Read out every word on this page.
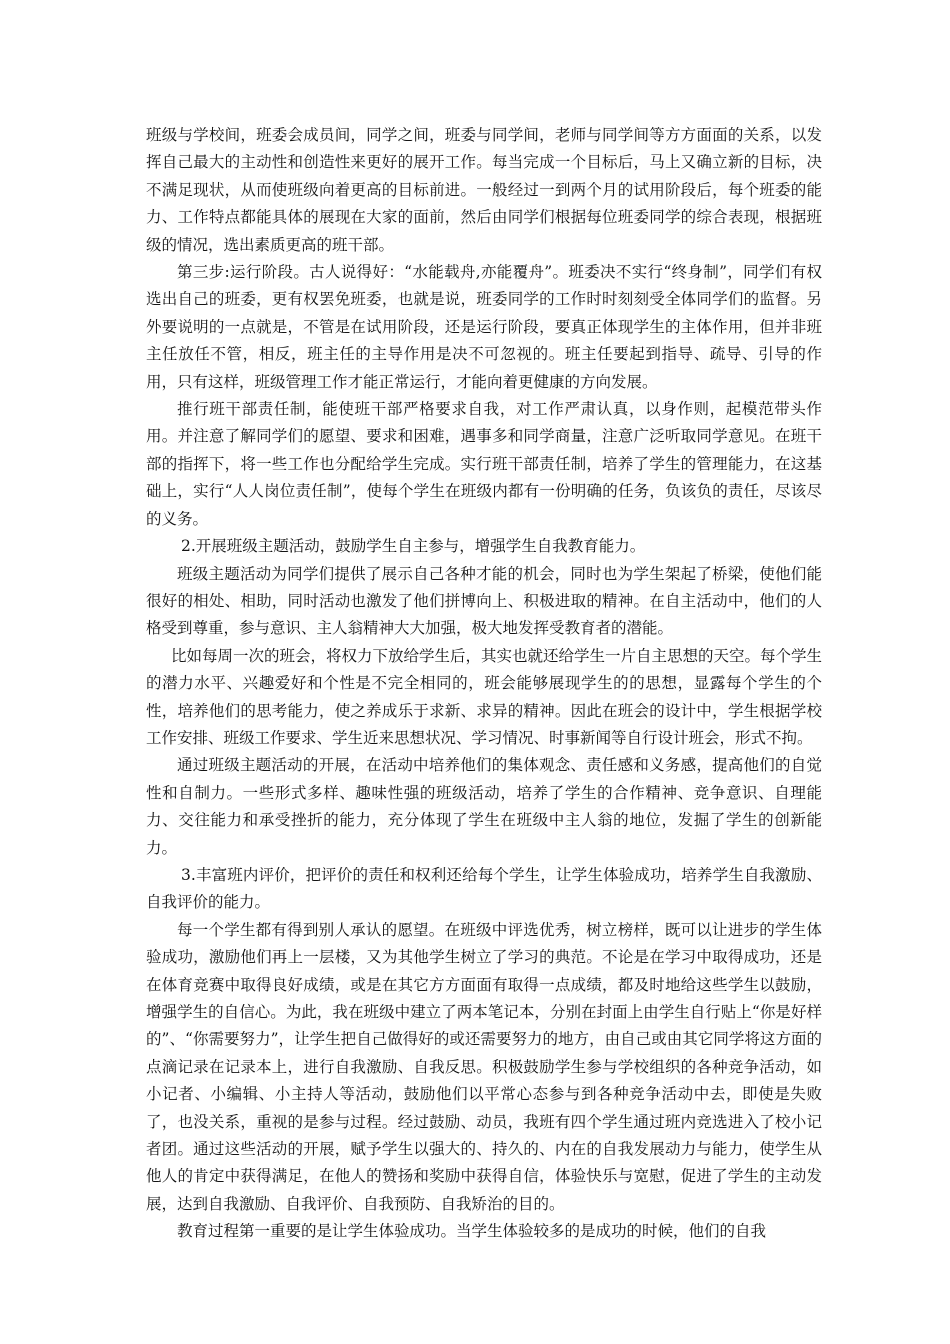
班级与学校间，班委会成员间，同学之间，班委与同学间，老师与同学间等方方面面的关系，以发挥自己最大的主动性和创造性来更好的展开工作。每当完成一个目标后，马上又确立新的目标，决不满足现状，从而使班级向着更高的目标前进。一般经过一到两个月的试用阶段后，每个班委的能力、工作特点都能具体的展现在大家的面前，然后由同学们根据每位班委同学的综合表现，根据班级的情况，选出素质更高的班干部。

第三步:运行阶段。古人说得好：“水能载舟,亦能覆舟”。班委决不实行“终身制”，同学们有权选出自己的班委，更有权罢免班委，也就是说，班委同学的工作时时刻刻受全体同学们的监督。另外要说明的一点就是，不管是在试用阶段，还是运行阶段，要真正体现学生的主体作用，但并非班主任放任不管，相反，班主任的主导作用是决不可忽视的。班主任要起到指导、疏导、引导的作用，只有这样，班级管理工作才能正常运行，才能向着更健康的方向发展。

推行班干部责任制，能使班干部严格要求自我，对工作严肃认真，以身作则，起模范带头作用。并注意了解同学们的愿望、要求和困难，遇事多和同学商量，注意广泛听取同学意见。在班干部的指挥下，将一些工作也分配给学生完成。实行班干部责任制，培养了学生的管理能力，在这基础上，实行“人人岗位责任制”，使每个学生在班级内都有一份明确的任务，负该负的责任，尽该尽的义务。

2.开展班级主题活动，鼓励学生自主参与，增强学生自我教育能力。

班级主题活动为同学们提供了展示自己各种才能的机会，同时也为学生架起了桥梁，使他们能很好的相处、相助，同时活动也激发了他们拼博向上、积极进取的精神。在自主活动中，他们的人格受到尊重，参与意识、主人翁精神大大加强，极大地发挥受教育者的潜能。

比如每周一次的班会，将权力下放给学生后，其实也就还给学生一片自主思想的天空。每个学生的潜力水平、兴趣爱好和个性是不完全相同的，班会能够展现学生的的思想，显露每个学生的个性，培养他们的思考能力，使之养成乐于求新、求异的精神。因此在班会的设计中，学生根据学校工作安排、班级工作要求、学生近来思想状况、学习情况、时事新闻等自行设计班会，形式不拘。

通过班级主题活动的开展，在活动中培养他们的集体观念、责任感和义务感，提高他们的自觉性和自制力。一些形式多样、趣味性强的班级活动，培养了学生的合作精神、竞争意识、自理能力、交往能力和承受挫折的能力，充分体现了学生在班级中主人翁的地位，发掘了学生的创新能力。

3.丰富班内评价，把评价的责任和权利还给每个学生，让学生体验成功，培养学生自我激励、自我评价的能力。

每一个学生都有得到别人承认的愿望。在班级中评选优秀，树立榜样，既可以让进步的学生体验成功，激励他们再上一层楼，又为其他学生树立了学习的典范。不论是在学习中取得成功，还是在体育竞赛中取得良好成绩，或是在其它方方面面有取得一点成绩，都及时地给这些学生以鼓励，增强学生的自信心。为此，我在班级中建立了两本笔记本，分别在封面上由学生自行贴上“你是好样的”、“你需要努力”，让学生把自己做得好的或还需要努力的地方，由自己或由其它同学将这方面的点滴记录在记录本上，进行自我激励、自我反思。积极鼓励学生参与学校组织的各种竞争活动，如小记者、小编辑、小主持人等活动，鼓励他们以平常心态参与到各种竞争活动中去，即使是失败了，也没关系，重视的是参与过程。经过鼓励、动员，我班有四个学生通过班内竞选进入了校小记者团。通过这些活动的开展，赋予学生以强大的、持久的、内在的自我发展动力与能力，使学生从他人的肯定中获得满足，在他人的赞扬和奖励中获得自信，体验快乐与宽慰，促进了学生的主动发展，达到自我激励、自我评价、自我预防、自我矫治的目的。

教育过程第一重要的是让学生体验成功。当学生体验较多的是成功的时候，他们的自我
